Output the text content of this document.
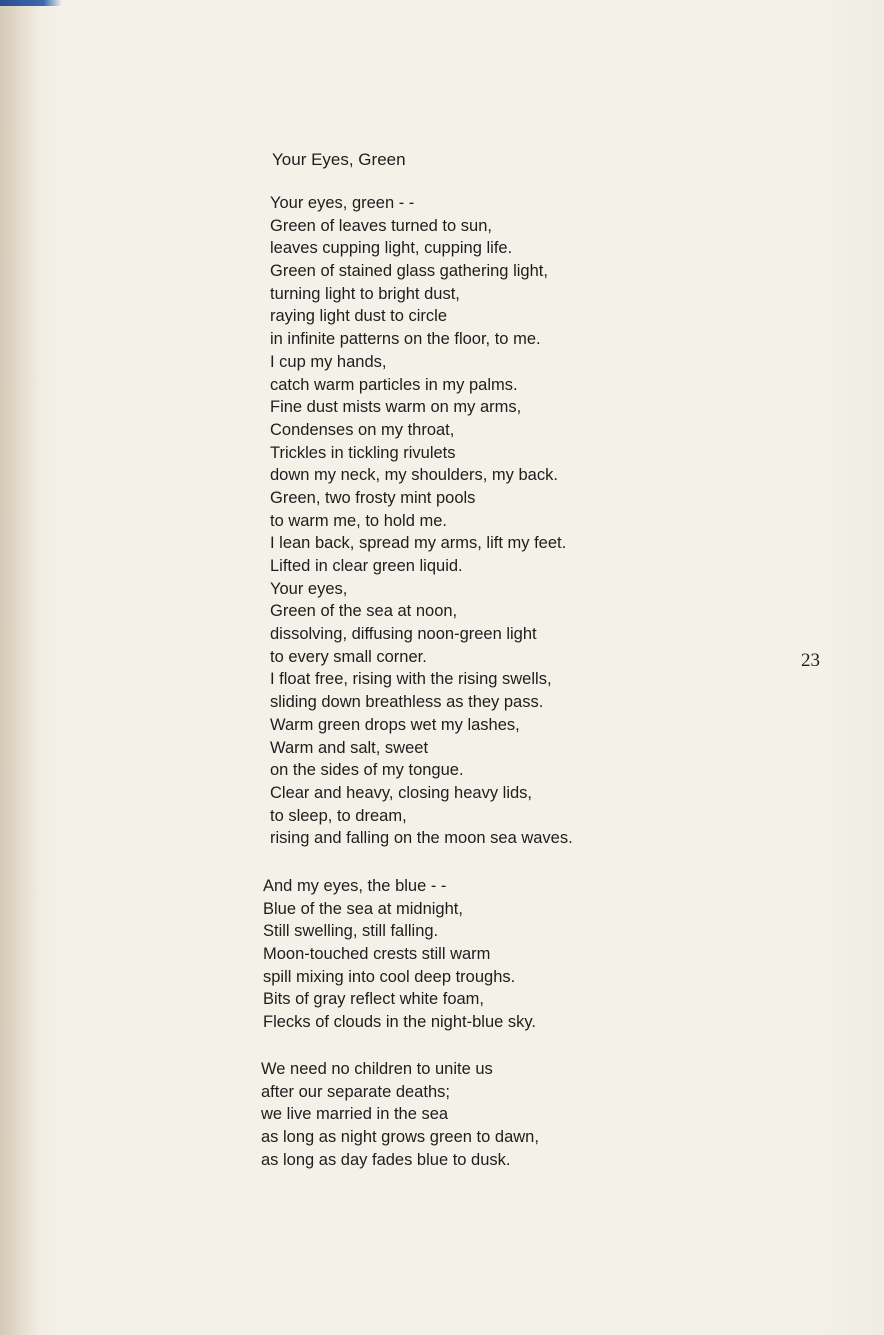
Your Eyes, Green
Your eyes, green - -
Green of leaves turned to sun,
leaves cupping light, cupping life.
Green of stained glass gathering light,
turning light to bright dust,
raying light dust to circle
in infinite patterns on the floor, to me.
I cup my hands,
catch warm particles in my palms.
Fine dust mists warm on my arms,
Condenses on my throat,
Trickles in tickling rivulets
down my neck, my shoulders, my back.
Green, two frosty mint pools
to warm me, to hold me.
I lean back, spread my arms, lift my feet.
Lifted in clear green liquid.
Your eyes,
Green of the sea at noon,
dissolving, diffusing noon-green light
to every small corner.
I float free, rising with the rising swells,
sliding down breathless as they pass.
Warm green drops wet my lashes,
Warm and salt, sweet
on the sides of my tongue.
Clear and heavy, closing heavy lids,
to sleep, to dream,
rising and falling on the moon sea waves.
And my eyes, the blue - -
Blue of the sea at midnight,
Still swelling, still falling.
Moon-touched crests still warm
spill mixing into cool deep troughs.
Bits of gray reflect white foam,
Flecks of clouds in the night-blue sky.
We need no children to unite us
after our separate deaths;
we live married in the sea
as long as night grows green to dawn,
as long as day fades blue to dusk.
23
